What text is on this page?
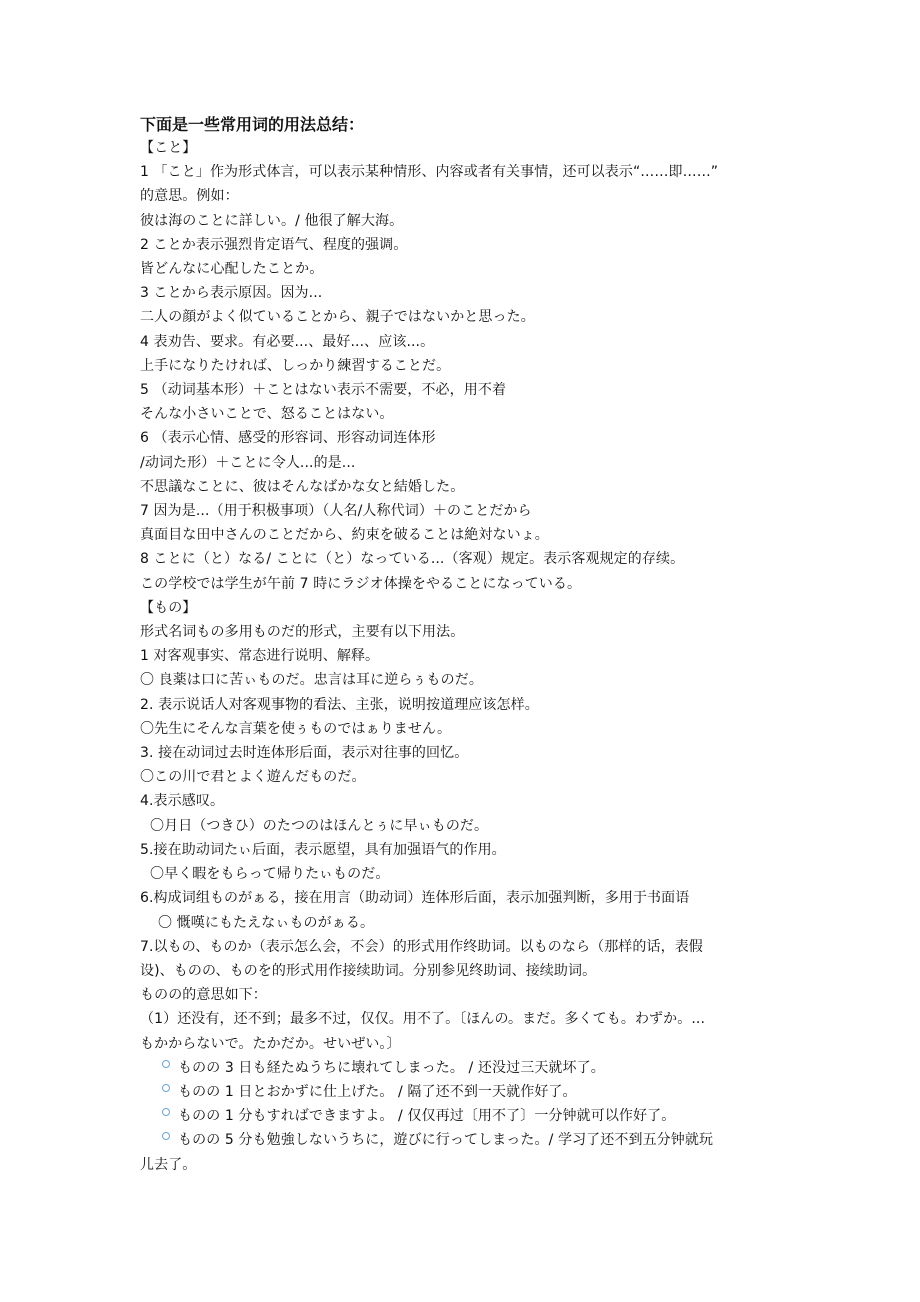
下面是一些常用词的用法总结：
【こと】
1 「こと」作为形式体言，可以表示某种情形、内容或者有关事情，还可以表示“……即……”
的意思。例如：
彼は海のことに詳しい。/ 他很了解大海。
2 ことか表示强烈肯定语气、程度的强调。
皆どんなに心配したことか。
3 ことから表示原因。因为...
二人の顔がよく似ていることから、親子ではないかと思った。
4 表劝告、要求。有必要...、最好...、应该...。
上手になりたければ、しっかり練習することだ。
5 （动词基本形）＋ことはない表示不需要，不必，用不着
そんな小さいことで、怒ることはない。
6 （表示心情、感受的形容词、形容动词连体形
/动词た形）＋ことに令人...的是...
不思議なことに、彼はそんなばかな女と結婚した。
7 因为是...（用于积极事项）（人名/人称代词）＋のことだから
真面目な田中さんのことだから、約束を破ることは絶対ないょ。
8 ことに（と）なる/ ことに（と）なっている...（客观）规定。表示客观规定的存续。
この学校では学生が午前 7 時にラジオ体操をやることになっている。
【もの】
形式名词もの多用ものだ的形式，主要有以下用法。
1 对客观事实、常态进行说明、解释。
〇 良薬は口に苦ぃものだ。忠言は耳に逆らぅものだ。
2. 表示说话人对客观事物的看法、主张，说明按道理应该怎样。
〇先生にそんな言葉を使ぅものではぁりません。
3. 接在动词过去时连体形后面，表示对往事的回忆。
〇この川で君とよく遊んだものだ。
4.表示感叹。
〇月日（つきひ）のたつのはほんとぅに早ぃものだ。
5.接在助动词たぃ后面，表示愿望，具有加强语气的作用。
〇早く暇をもらって帰りたぃものだ。
6.构成词组ものがぁる，接在用言（助动词）连体形后面，表示加强判断，多用于书面语
〇 慨嘆にもたえなぃものがぁる。
7.以もの、ものか（表示怎么会，不会）的形式用作终助词。以ものなら（那样的话，表假
设)、ものの、ものを的形式用作接续助词。分别参见终助词、接续助词。
ものの的意思如下：
（1）还没有，还不到；最多不过，仅仅。用不了。〔ほんの。まだ。多くても。わずか。...
もかからないで。たかだか。せいぜい。〕
ものの 3 日も経たぬうちに壊れてしまった。 / 还没过三天就坏了。
ものの 1 日とおかずに仕上げた。 / 隔了还不到一天就作好了。
ものの 1 分もすればできますよ。 / 仅仅再过〔用不了〕一分钟就可以作好了。
ものの 5 分も勉強しないうちに，遊びに行ってしまった。/ 学习了还不到五分钟就玩
儿去了。
